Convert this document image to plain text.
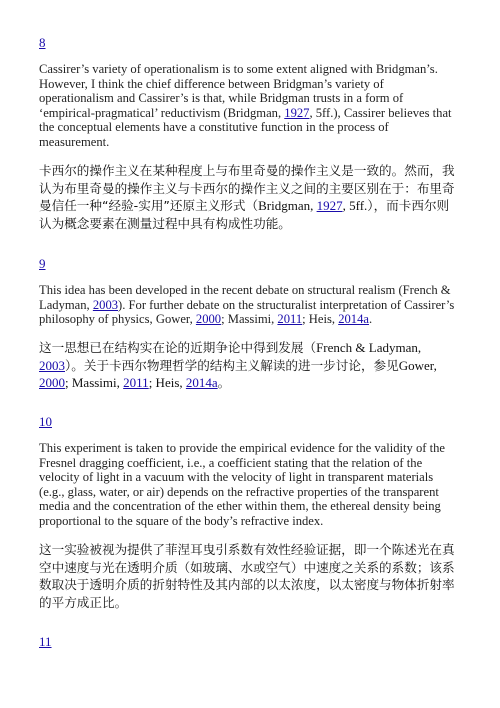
8

Cassirer’s variety of operationalism is to some extent aligned with Bridgman’s.
However, I think the chief difference between Bridgman’s variety of
operationalism and Cassirer’s is that, while Bridgman trusts in a form of
‘empirical-pragmatical’ reductivism (Bridgman, 1927, 5ff.), Cassirer believes that
the conceptual elements have a constitutive function in the process of
measurement.

卡西尔的操作主义在某种程度上与布里奇曼的操作主义是一致的。然而，我
认为布里奇曼的操作主义与卡西尔的操作主义之间的主要区别在于：布里奇
曼信任一种“经验-实用”还原主义形式（Bridgman, 1927, 5ff.），而卡西尔则
认为概念要素在测量过程中具有构成性功能。

9

This idea has been developed in the recent debate on structural realism (French &
Ladyman, 2003). For further debate on the structuralist interpretation of Cassirer’s
philosophy of physics, Gower, 2000; Massimi, 2011; Heis, 2014a.

这一思想已在结构实在论的近期争论中得到发展（French & Ladyman,
2003）。关于卡西尔物理哲学的结构主义解读的进一步讨论，参见Gower,
2000; Massimi, 2011; Heis, 2014a。

10

This experiment is taken to provide the empirical evidence for the validity of the
Fresnel dragging coefficient, i.e., a coefficient stating that the relation of the
velocity of light in a vacuum with the velocity of light in transparent materials
(e.g., glass, water, or air) depends on the refractive properties of the transparent
media and the concentration of the ether within them, the ethereal density being
proportional to the square of the body’s refractive index.

这一实验被视为提供了菲涅耳曳引系数有效性经验证据，即一个陈述光在真
空中速度与光在透明介质（如玻璃、水或空气）中速度之关系的系数；该系
数取决于透明介质的折射特性及其内部的以太浓度，以太密度与物体折射率
的平方成正比。

11
